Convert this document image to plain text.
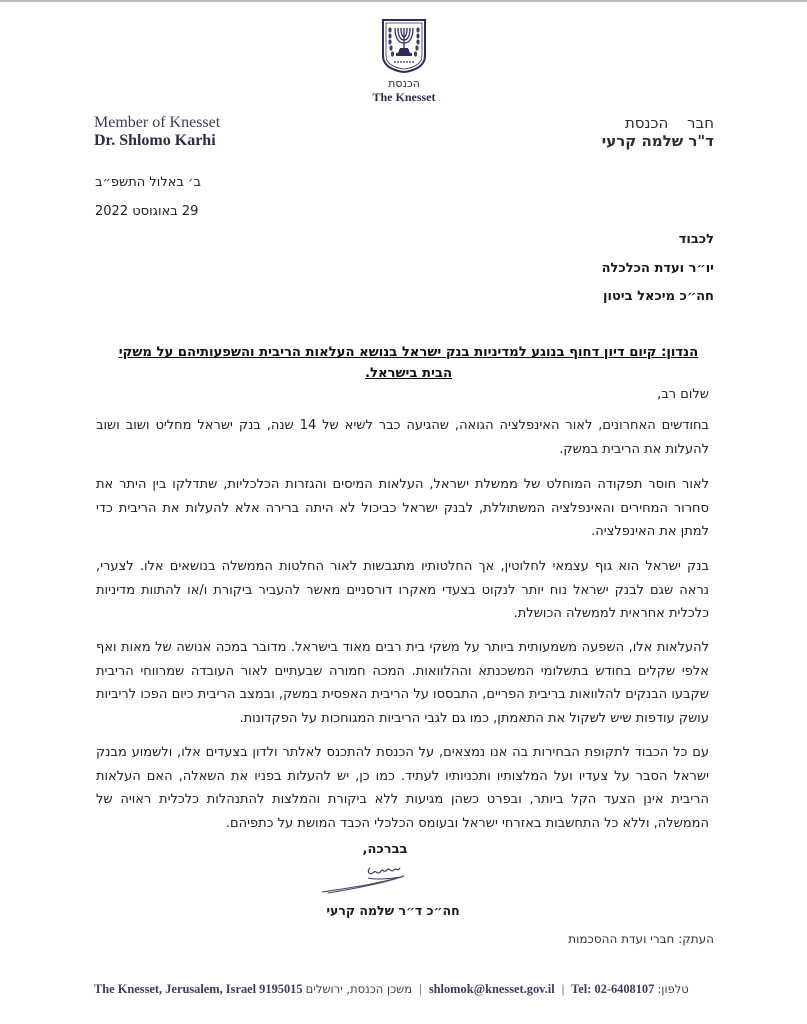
הכנסת
The Knesset
Member of Knesset
Dr. Shlomo Karhi
חבר הכנסת
ד"ר שלמה קרעי
ב׳ באלול התשפ״ב
29 באוגוסט 2022
לכבוד
יו״ר ועדת הכלכלה
חה״כ מיכאל ביטון
הנדון: קיום דיון דחוף בנוגע למדיניות בנק ישראל בנושא העלאות הריבית והשפעותיהם על משקי הבית בישראל.
שלום רב,
בחודשים האחרונים, לאור האינפלציה הגואה, שהגיעה כבר לשיא של 14 שנה, בנק ישראל מחליט ושוב ושוב להעלות את הריבית במשק.
לאור חוסר תפקודה המוחלט של ממשלת ישראל, העלאות המיסים והגזרות הכלכליות, שתדלקו בין היתר את סחרור המחירים והאינפלציה המשתוללת, לבנק ישראל כביכול לא היתה ברירה אלא להעלות את הריבית כדי למתן את האינפלציה.
בנק ישראל הוא גוף עצמאי לחלוטין, אך החלטותיו מתגבשות לאור החלטות הממשלה בנושאים אלו. לצערי, נראה שגם לבנק ישראל נוח יותר לנקוט בצעדי מאקרו דורסניים מאשר להעביר ביקורת ו/או להתוות מדיניות כלכלית אחראית לממשלה הכושלת.
להעלאות אלו, השפעה משמעותית ביותר על משקי בית רבים מאוד בישראל. מדובר במכה אנושה של מאות ואף אלפי שקלים בחודש בתשלומי המשכנתא וההלוואות. המכה חמורה שבעתיים לאור העובדה שמרווחי הריבית שקבעו הבנקים להלוואות בריבית הפריים, התבססו על הריבית האפסית במשק, ובמצב הריבית כיום הפכו לריביות עושק עודפות שיש לשקול את התאמתן, כמו גם לגבי הריביות המגוחכות על הפקדונות.
עם כל הכבוד לתקופת הבחירות בה אנו נמצאים, על הכנסת להתכנס לאלתר ולדון בצעדים אלו, ולשמוע מבנק ישראל הסבר על צעדיו ועל המלצותיו ותכניותיו לעתיד. כמו כן, יש להעלות בפניו את השאלה, האם העלאות הריבית אינן הצעד הקל ביותר, ובפרט כשהן מגיעות ללא ביקורת והמלצות להתנהלות כלכלית ראויה של הממשלה, וללא כל התחשבות באזרחי ישראל ובעומס הכלכלי הכבד המושת על כתפיהם.
בברכה,
חה״כ ד״ר שלמה קרעי
העתק: חברי ועדת ההסכמות
The Knesset, Jerusalem, Israel 9195015 משכן הכנסת, ירושלים | shlomok@knesset.gov.il | Tel: 02-6408107 טלפון:
